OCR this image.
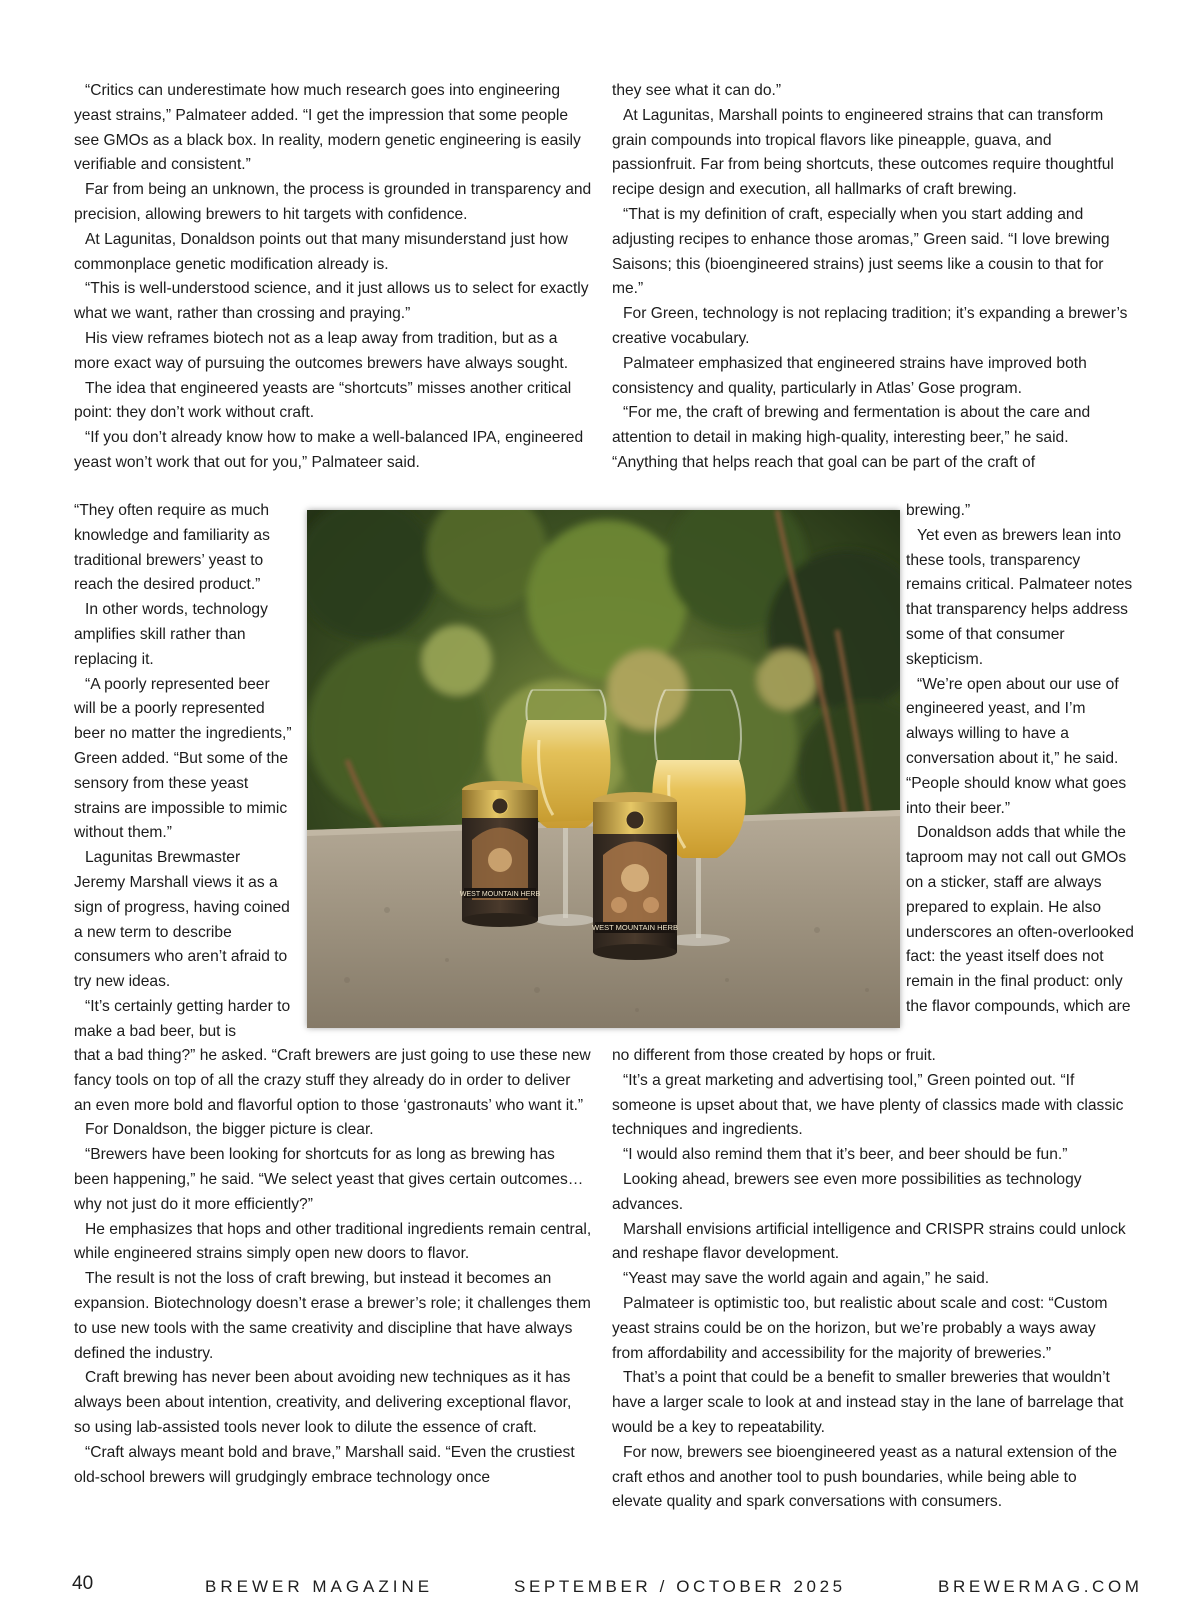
“Critics can underestimate how much research goes into engineering yeast strains,” Palmateer added. “I get the impression that some people see GMOs as a black box. In reality, modern genetic engineering is easily verifiable and consistent.”

Far from being an unknown, the process is grounded in transparency and precision, allowing brewers to hit targets with confidence.

At Lagunitas, Donaldson points out that many misunderstand just how commonplace genetic modification already is.

“This is well-understood science, and it just allows us to select for exactly what we want, rather than crossing and praying.”

His view reframes biotech not as a leap away from tradition, but as a more exact way of pursuing the outcomes brewers have always sought.

The idea that engineered yeasts are “shortcuts” misses another critical point: they don’t work without craft.

“If you don’t already know how to make a well-balanced IPA, engineered yeast won’t work that out for you,” Palmateer said.

“They often require as much knowledge and familiarity as traditional brewers’ yeast to reach the desired product.”

In other words, technology amplifies skill rather than replacing it.

“A poorly represented beer will be a poorly represented beer no matter the ingredients,” Green added. “But some of the sensory from these yeast strains are impossible to mimic without them.”

Lagunitas Brewmaster Jeremy Marshall views it as a sign of progress, having coined a new term to describe consumers who aren’t afraid to try new ideas.

“It’s certainly getting harder to make a bad beer, but is

that a bad thing?” he asked. “Craft brewers are just going to use these new fancy tools on top of all the crazy stuff they already do in order to deliver an even more bold and flavorful option to those ‘gastronauts’ who want it.”

For Donaldson, the bigger picture is clear.

“Brewers have been looking for shortcuts for as long as brewing has been happening,” he said. “We select yeast that gives certain outcomes… why not just do it more efficiently?”

He emphasizes that hops and other traditional ingredients remain central, while engineered strains simply open new doors to flavor.

The result is not the loss of craft brewing, but instead it becomes an expansion. Biotechnology doesn’t erase a brewer’s role; it challenges them to use new tools with the same creativity and discipline that have always defined the industry.

Craft brewing has never been about avoiding new techniques as it has always been about intention, creativity, and delivering exceptional flavor, so using lab-assisted tools never look to dilute the essence of craft.

“Craft always meant bold and brave,” Marshall said. “Even the crustiest old-school brewers will grudgingly embrace technology once

they see what it can do.”

At Lagunitas, Marshall points to engineered strains that can transform grain compounds into tropical flavors like pineapple, guava, and passionfruit. Far from being shortcuts, these outcomes require thoughtful recipe design and execution, all hallmarks of craft brewing.

“That is my definition of craft, especially when you start adding and adjusting recipes to enhance those aromas,” Green said. “I love brewing Saisons; this (bioengineered strains) just seems like a cousin to that for me.”

For Green, technology is not replacing tradition; it’s expanding a brewer’s creative vocabulary.

Palmateer emphasized that engineered strains have improved both consistency and quality, particularly in Atlas’ Gose program.

“For me, the craft of brewing and fermentation is about the care and attention to detail in making high-quality, interesting beer,” he said. “Anything that helps reach that goal can be part of the craft of

brewing.”

Yet even as brewers lean into these tools, transparency remains critical. Palmateer notes that transparency helps address some of that consumer skepticism.

“We’re open about our use of engineered yeast, and I’m always willing to have a conversation about it,” he said. “People should know what goes into their beer.”

Donaldson adds that while the taproom may not call out GMOs on a sticker, staff are always prepared to explain. He also underscores an often-overlooked fact: the yeast itself does not remain in the final product: only the flavor compounds, which are

no different from those created by hops or fruit.

“It’s a great marketing and advertising tool,” Green pointed out. “If someone is upset about that, we have plenty of classics made with classic techniques and ingredients.

“I would also remind them that it’s beer, and beer should be fun.”

Looking ahead, brewers see even more possibilities as technology advances.

Marshall envisions artificial intelligence and CRISPR strains could unlock and reshape flavor development.

“Yeast may save the world again and again,” he said.

Palmateer is optimistic too, but realistic about scale and cost: “Custom yeast strains could be on the horizon, but we’re probably a ways away from affordability and accessibility for the majority of breweries.”

That’s a point that could be a benefit to smaller breweries that wouldn’t have a larger scale to look at and instead stay in the lane of barrelage that would be a key to repeatability.

For now, brewers see bioengineered yeast as a natural extension of the craft ethos and another tool to push boundaries, while being able to elevate quality and spark conversations with consumers.

WEST MOUNTAIN HERB
WEST MOUNTAIN HERB
40	BREWER MAGAZINE	SEPTEMBER / OCTOBER 2025	BREWERMAG.COM
